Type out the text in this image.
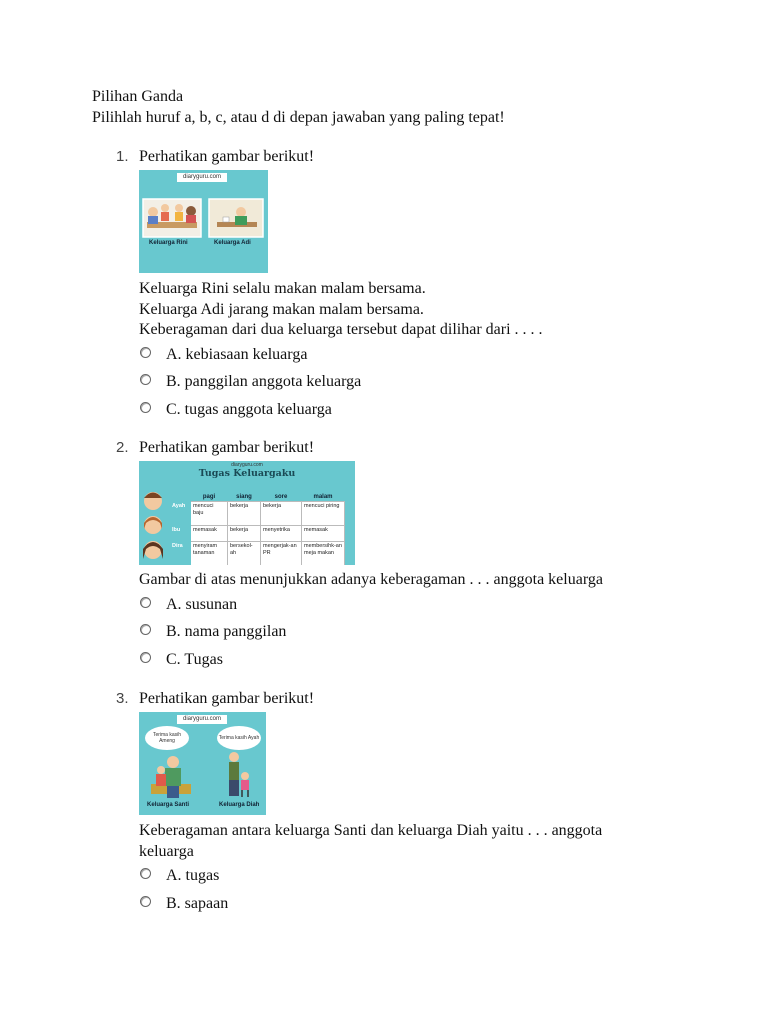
Pilihan Ganda
Pilihlah huruf a, b, c, atau d di depan jawaban yang paling tepat!
1. Perhatikan gambar berikut!
diaryguru.com
Keluarga Rini	Keluarga Adi
Keluarga Rini selalu makan malam bersama.
Keluarga Adi jarang makan malam bersama.
Keberagaman dari dua keluarga tersebut dapat dilihar dari . . . .
A. kebiasaan keluarga
B. panggilan anggota keluarga
C. tugas anggota keluarga
2. Perhatikan gambar berikut!
diaryguru.com
Tugas Keluargaku
	pagi	siang	sore	malam
Ayah	mencuci baju	bekerja	bekerja	mencuci piring
Ibu	memasak	bekerja	menyetrika	memasak
Dira	menyiram tanaman	bersekol-ah	mengerjak-an PR	membersihk-an meja makan
Gambar di atas menunjukkan adanya keberagaman . . . anggota keluarga
A. susunan
B. nama panggilan
C. Tugas
3. Perhatikan gambar berikut!
diaryguru.com
Terima kasih Ameng	Terima kasih Ayah
Keluarga Santi	Keluarga Diah
Keberagaman antara keluarga Santi dan keluarga Diah yaitu . . . anggota keluarga
A. tugas
B. sapaan
